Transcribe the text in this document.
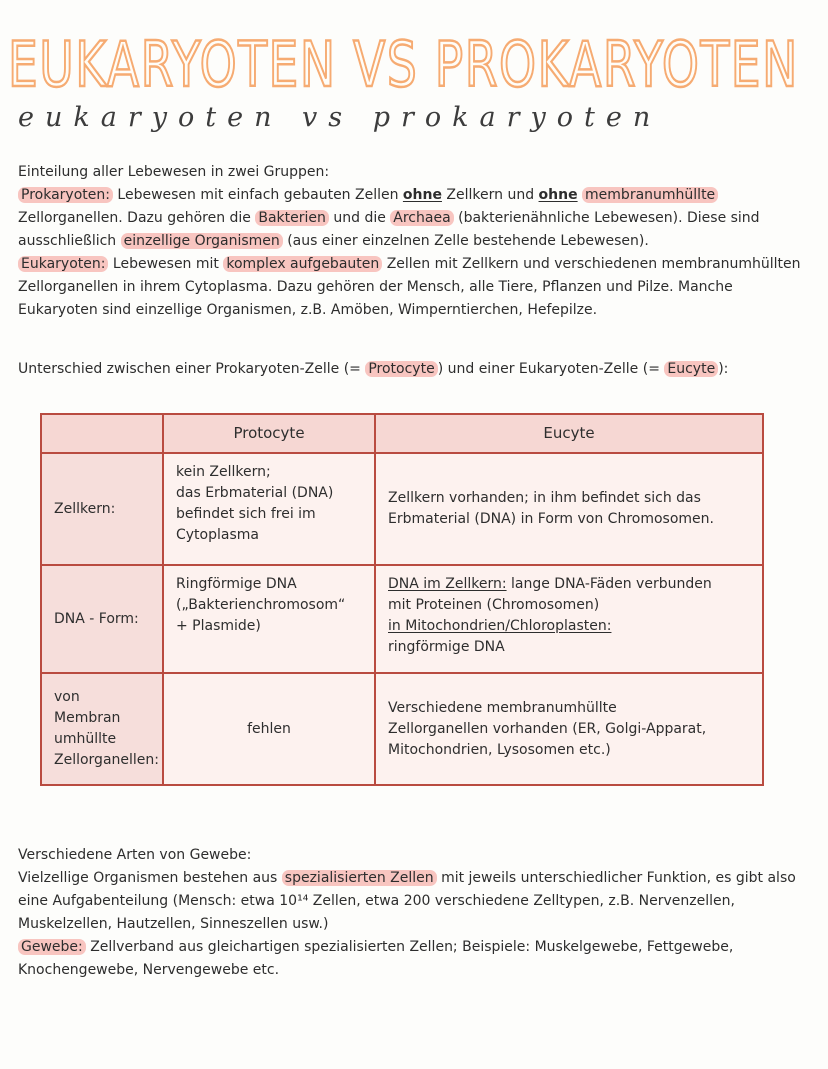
EUKARYOTEN VS PROKARYOTEN
eukaryoten vs prokaryoten

Einteilung aller Lebewesen in zwei Gruppen:

Prokaryoten: Lebewesen mit einfach gebauten Zellen ohne Zellkern und ohne membranumhüllte Zellorganellen. Dazu gehören die Bakterien und die Archaea (bakterienähnliche Lebewesen). Diese sind ausschließlich einzellige Organismen (aus einer einzelnen Zelle bestehende Lebewesen).

Eukaryoten: Lebewesen mit komplex aufgebauten Zellen mit Zellkern und verschiedenen membranumhüllten Zellorganellen in ihrem Cytoplasma. Dazu gehören der Mensch, alle Tiere, Pflanzen und Pilze. Manche Eukaryoten sind einzellige Organismen, z.B. Amöben, Wimperntierchen, Hefepilze.

Unterschied zwischen einer Prokaryoten-Zelle (= Protocyte ) und einer Eukaryoten-Zelle (= Eucyte ):

	Protocyte	Eucyte
Zellkern:	kein Zellkern;
das Erbmaterial (DNA)
befindet sich frei im
Cytoplasma	Zellkern vorhanden; in ihm befindet sich das
Erbmaterial (DNA) in Form von Chromosomen.

DNA - Form:	Ringförmige DNA
(„Bakterienchromosom“
+ Plasmide)	DNA im Zellkern: lange DNA-Fäden verbunden
mit Proteinen (Chromosomen)
in Mitochondrien/Chloroplasten:
ringförmige DNA

von Membran
umhüllte
Zellorganellen:	fehlen	Verschiedene membranumhüllte
Zellorganellen vorhanden (ER, Golgi-Apparat,
Mitochondrien, Lysosomen etc.)

Verschiedene Arten von Gewebe:

Vielzellige Organismen bestehen aus spezialisierten Zellen mit jeweils unterschiedlicher Funktion, es gibt also eine Aufgabenteilung (Mensch: etwa 10¹⁴ Zellen, etwa 200 verschiedene Zelltypen, z.B. Nervenzellen, Muskelzellen, Hautzellen, Sinneszellen usw.)

Gewebe: Zellverband aus gleichartigen spezialisierten Zellen; Beispiele: Muskelgewebe, Fettgewebe, Knochengewebe, Nervengewebe etc.
